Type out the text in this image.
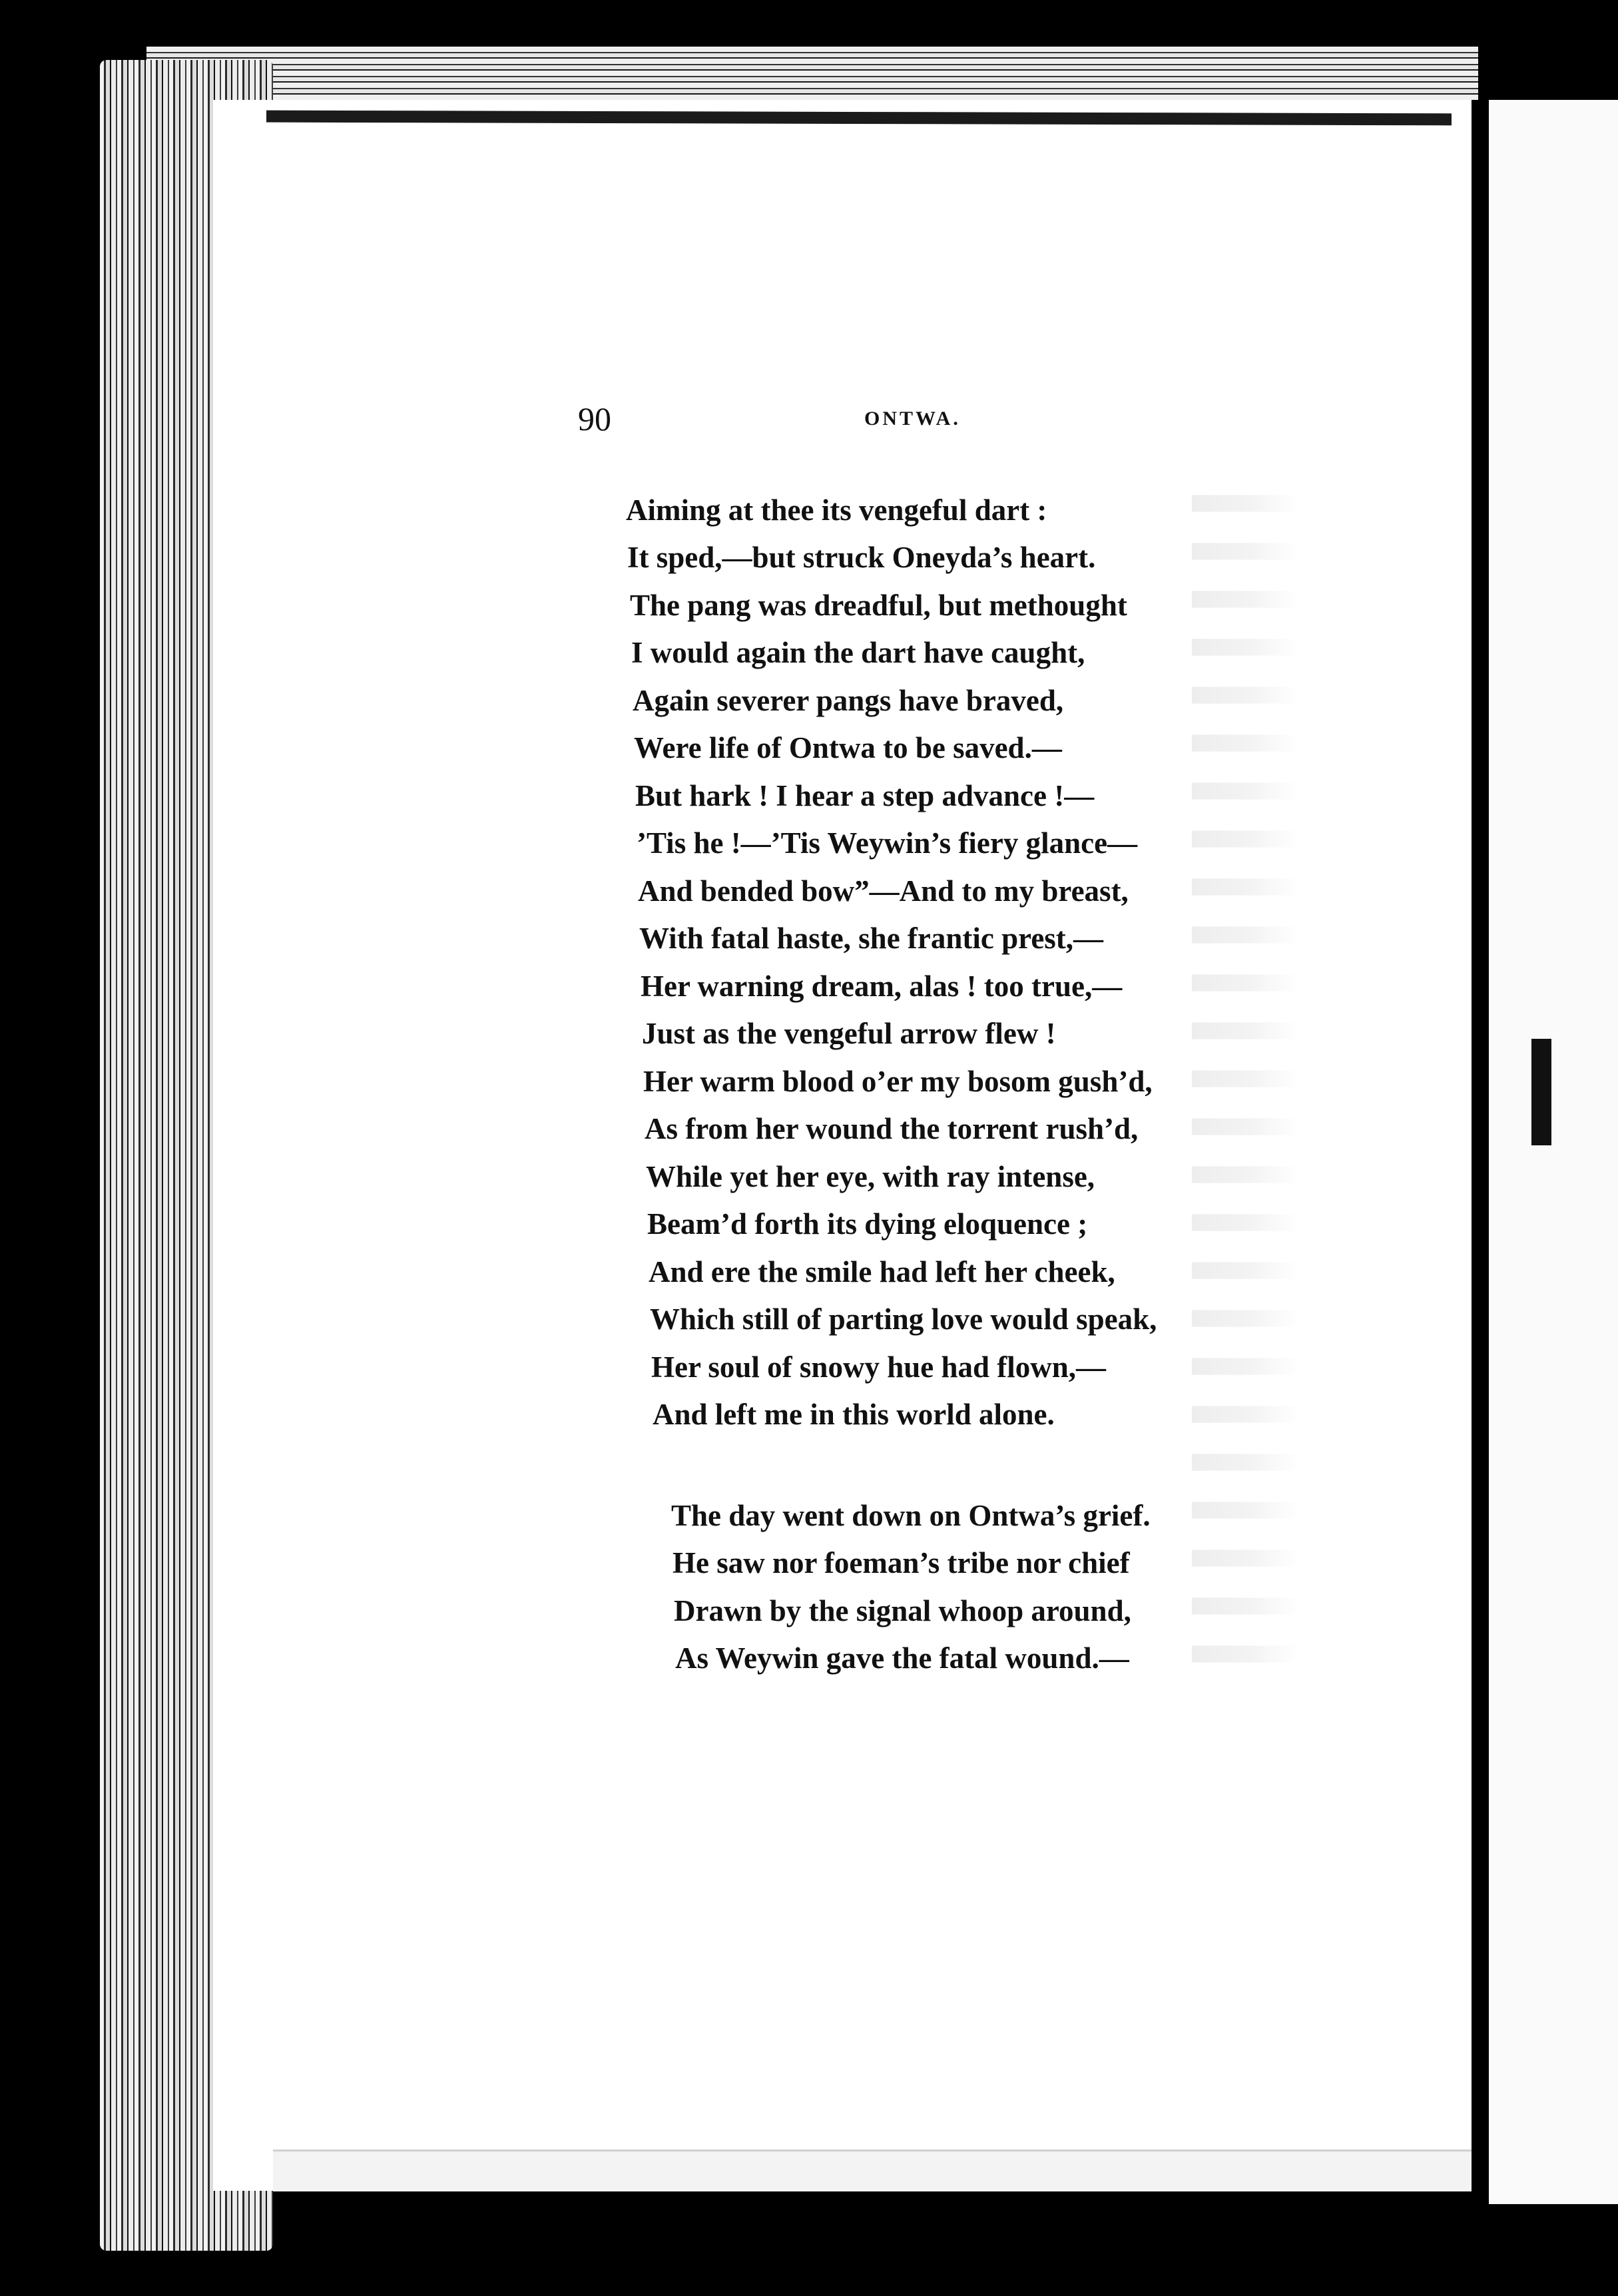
90	ONTWA.
Aiming at thee its vengeful dart :
It sped,—but struck Oneyda’s heart.
The pang was dreadful, but methought
I would again the dart have caught,
Again severer pangs have braved,
Were life of Ontwa to be saved.—
But hark ! I hear a step advance !—
’Tis he !—’Tis Weywin’s fiery glance—
And bended bow”—And to my breast,
With fatal haste, she frantic prest,—
Her warning dream, alas ! too true,—
Just as the vengeful arrow flew !
Her warm blood o’er my bosom gush’d,
As from her wound the torrent rush’d,
While yet her eye, with ray intense,
Beam’d forth its dying eloquence ;
And ere the smile had left her cheek,
Which still of parting love would speak,
Her soul of snowy hue had flown,—
And left me in this world alone.
The day went down on Ontwa’s grief.
He saw nor foeman’s tribe nor chief
Drawn by the signal whoop around,
As Weywin gave the fatal wound.—
